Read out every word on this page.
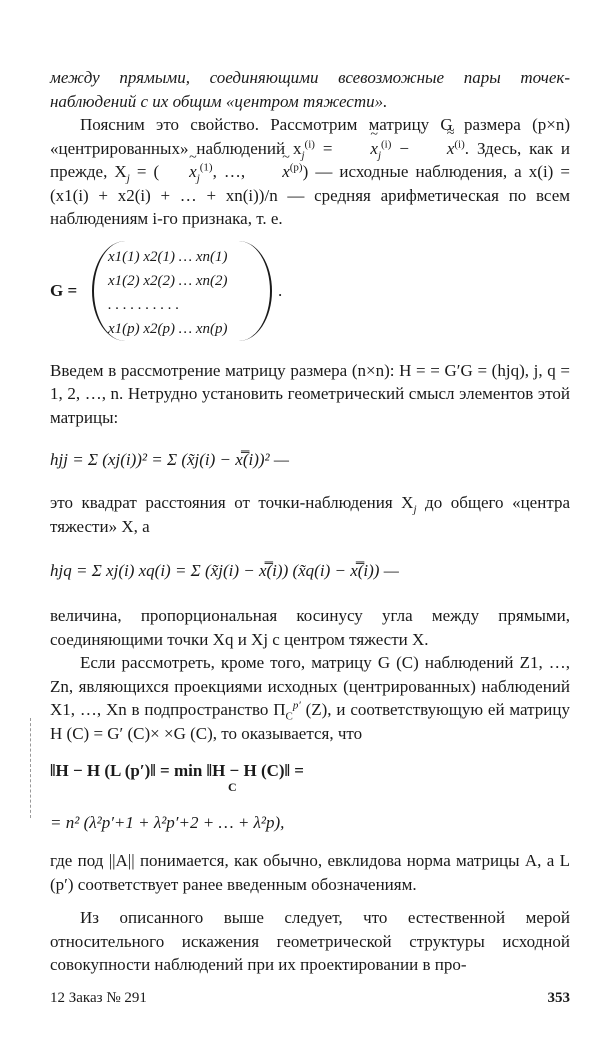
между прямыми, соединяющими всевозможные пары точек-наблюдений с их общим «центром тяжести».

Поясним это свойство. Рассмотрим матрицу G размера (p×n) «центрированных» наблюдений $x_j^{(i)}$ = ~ $x_j^{(i)}$ − ≈ $x^{(i)}$. Здесь, как и прежде, $X_j$ = (~ $x_j^{(1)}$, …, ~ $x^{(p)}$) — исходные наблюдения, а x(i) = (x1(i) + x2(i) + … + xn(i))/n — средняя арифметическая по всем наблюдениям i-го признака, т. е.

G =
x1(1) x2(1) … xn(1)
x1(2) x2(2) … xn(2)
. . . . . . . . . .
x1(p) x2(p) … xn(p)
.

Введем в рассмотрение матрицу размера (n×n): H = = G′G = (hjq), j, q = 1, 2, …, n. Нетрудно установить геометрический смысл элементов этой матрицы:

hjj = Σ (xj(i))² = Σ (x̃j(i) − x̿(i))² —

это квадрат расстояния от точки-наблюдения $X_j$ до общего «центра тяжести» X, а

hjq = Σ xj(i) xq(i) = Σ (x̃j(i) − x̿(i)) (x̃q(i) − x̿(i)) —

величина, пропорциональная косинусу угла между прямыми, соединяющими точки Xq и Xj с центром тяжести X.

Если рассмотреть, кроме того, матрицу G (C) наблюдений Z1, …, Zn, являющихся проекциями исходных (центрированных) наблюдений X1, …, Xn в подпространство $П_C^{p'}$ (Z), и соответствующую ей матрицу H (C) = G′ (C)× ×G (C), то оказывается, что

‖H − H (L (p′)‖ = min ‖H − H (C)‖ =
C
= n² (λ²p′+1 + λ²p′+2 + … + λ²p),

где под ||A|| понимается, как обычно, евклидова норма матрицы A, а L (p′) соответствует ранее введенным обозначениям.

Из описанного выше следует, что естественной мерой относительного искажения геометрической структуры исходной совокупности наблюдений при их проектировании в про-

12 Заказ № 291	353
